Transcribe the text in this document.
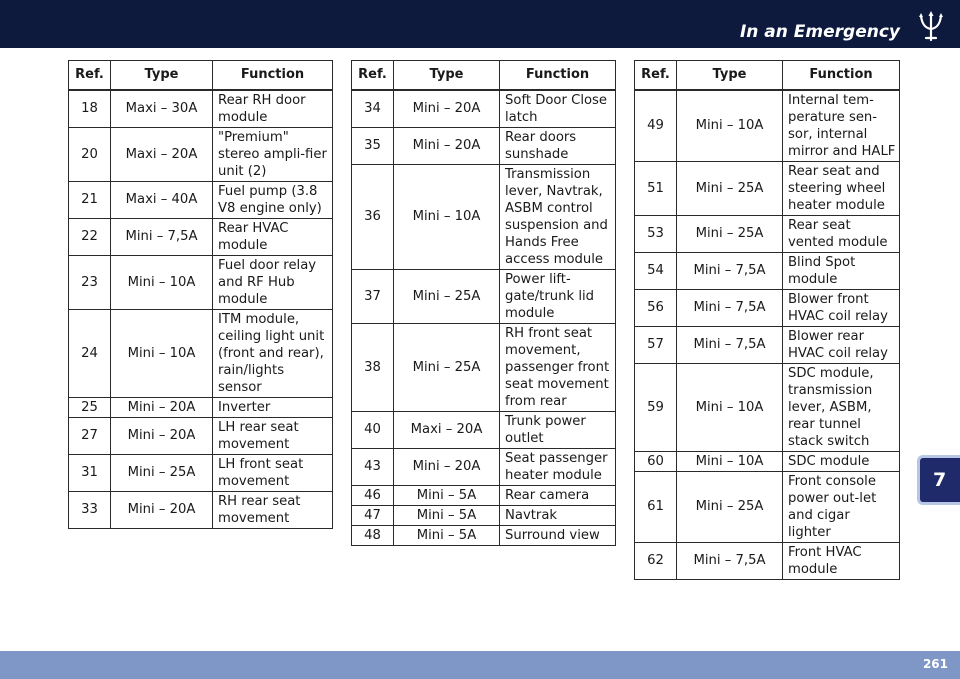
In an Emergency
Ref.	Type	Function
18	Maxi – 30A	Rear RH door module
20	Maxi – 20A	"Premium" stereo ampli-fier unit (2)
21	Maxi – 40A	Fuel pump (3.8 V8 engine only)
22	Mini – 7,5A	Rear HVAC module
23	Mini – 10A	Fuel door relay and RF Hub module
24	Mini – 10A	ITM module, ceiling light unit (front and rear), rain/lights sensor
25	Mini – 20A	Inverter
27	Mini – 20A	LH rear seat movement
31	Mini – 25A	LH front seat movement
33	Mini – 20A	RH rear seat movement
Ref.	Type	Function
34	Mini – 20A	Soft Door Close latch
35	Mini – 20A	Rear doors sunshade
36	Mini – 10A	Transmission lever, Navtrak, ASBM control suspension and Hands Free access module
37	Mini – 25A	Power lift-gate/trunk lid module
38	Mini – 25A	RH front seat movement, passenger front seat movement from rear
40	Maxi – 20A	Trunk power outlet
43	Mini – 20A	Seat passenger heater module
46	Mini – 5A	Rear camera
47	Mini – 5A	Navtrak
48	Mini – 5A	Surround view
Ref.	Type	Function
49	Mini – 10A	Internal tem-perature sen-sor, internal mirror and HALF
51	Mini – 25A	Rear seat and steering wheel heater module
53	Mini – 25A	Rear seat vented module
54	Mini – 7,5A	Blind Spot module
56	Mini – 7,5A	Blower front HVAC coil relay
57	Mini – 7,5A	Blower rear HVAC coil relay
59	Mini – 10A	SDC module, transmission lever, ASBM, rear tunnel stack switch
60	Mini – 10A	SDC module
61	Mini – 25A	Front console power out-let and cigar lighter
62	Mini – 7,5A	Front HVAC module
7
261
